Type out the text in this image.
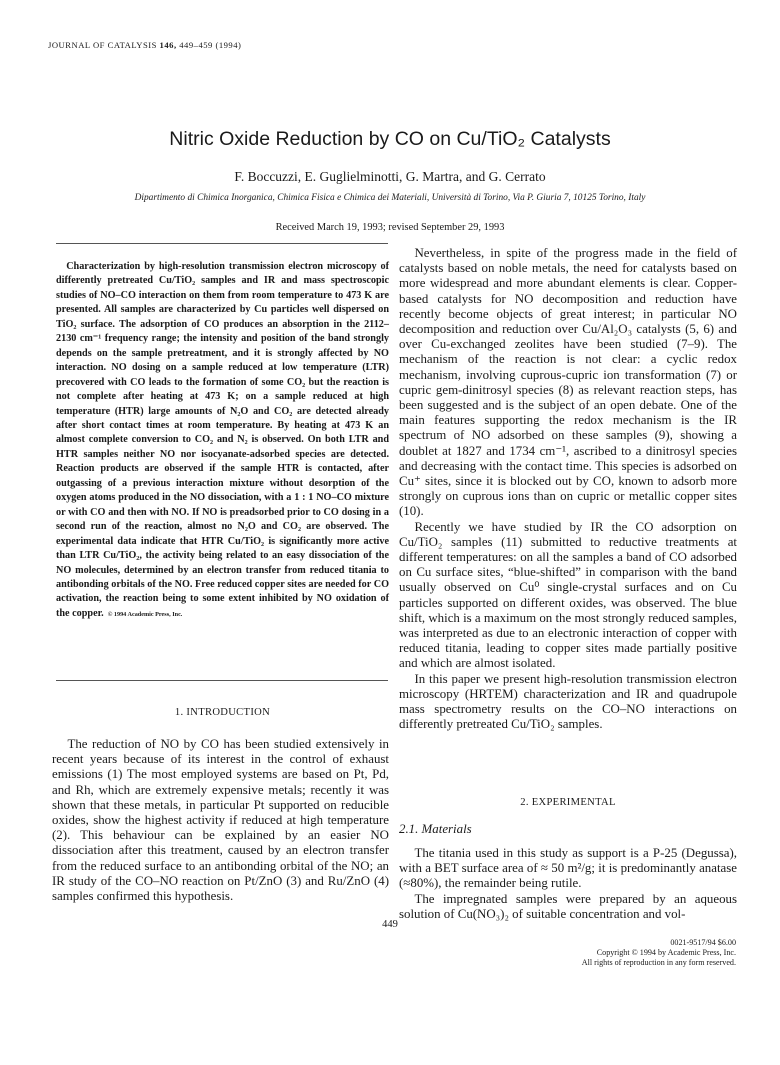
JOURNAL OF CATALYSIS 146, 449–459 (1994)
Nitric Oxide Reduction by CO on Cu/TiO₂ Catalysts
F. Boccuzzi, E. Guglielminotti, G. Martra, and G. Cerrato
Dipartimento di Chimica Inorganica, Chimica Fisica e Chimica dei Materiali, Università di Torino, Via P. Giuria 7, 10125 Torino, Italy
Received March 19, 1993; revised September 29, 1993
Characterization by high-resolution transmission electron microscopy of differently pretreated Cu/TiO₂ samples and IR and mass spectroscopic studies of NO–CO interaction on them from room temperature to 473 K are presented. All samples are characterized by Cu particles well dispersed on TiO₂ surface. The adsorption of CO produces an absorption in the 2112–2130 cm⁻¹ frequency range; the intensity and position of the band strongly depends on the sample pretreatment, and it is strongly affected by NO interaction. NO dosing on a sample reduced at low temperature (LTR) precovered with CO leads to the formation of some CO₂ but the reaction is not complete after heating at 473 K; on a sample reduced at high temperature (HTR) large amounts of N₂O and CO₂ are detected already after short contact times at room temperature. By heating at 473 K an almost complete conversion to CO₂ and N₂ is observed. On both LTR and HTR samples neither NO nor isocyanate-adsorbed species are detected. Reaction products are observed if the sample HTR is contacted, after outgassing of a previous interaction mixture without desorption of the oxygen atoms produced in the NO dissociation, with a 1 : 1 NO–CO mixture or with CO and then with NO. If NO is preadsorbed prior to CO dosing in a second run of the reaction, almost no N₂O and CO₂ are observed. The experimental data indicate that HTR Cu/TiO₂ is significantly more active than LTR Cu/TiO₂, the activity being related to an easy dissociation of the NO molecules, determined by an electron transfer from reduced titania to antibonding orbitals of the NO. Free reduced copper sites are needed for CO activation, the reaction being to some extent inhibited by NO oxidation of the copper. © 1994 Academic Press, Inc.
1. INTRODUCTION

The reduction of NO by CO has been studied extensively in recent years because of its interest in the control of exhaust emissions (1) The most employed systems are based on Pt, Pd, and Rh, which are extremely expensive metals; recently it was shown that these metals, in particular Pt supported on reducible oxides, show the highest activity if reduced at high temperature (2). This behaviour can be explained by an easier NO dissociation after this treatment, caused by an electron transfer from the reduced surface to an antibonding orbital of the NO; an IR study of the CO–NO reaction on Pt/ZnO (3) and Ru/ZnO (4) samples confirmed this hypothesis.

Nevertheless, in spite of the progress made in the field of catalysts based on noble metals, the need for catalysts based on more widespread and more abundant elements is clear. Copper-based catalysts for NO decomposition and reduction have recently become objects of great interest; in particular NO decomposition and reduction over Cu/Al₂O₃ catalysts (5, 6) and over Cu-exchanged zeolites have been studied (7–9). The mechanism of the reaction is not clear: a cyclic redox mechanism, involving cuprous-cupric ion transformation (7) or cupric gem-dinitrosyl species (8) as relevant reaction steps, has been suggested and is the subject of an open debate. One of the main features supporting the redox mechanism is the IR spectrum of NO adsorbed on these samples (9), showing a doublet at 1827 and 1734 cm⁻¹, ascribed to a dinitrosyl species and decreasing with the contact time. This species is adsorbed on Cu⁺ sites, since it is blocked out by CO, known to adsorb more strongly on cuprous ions than on cupric or metallic copper sites (10).

Recently we have studied by IR the CO adsorption on Cu/TiO₂ samples (11) submitted to reductive treatments at different temperatures: on all the samples a band of CO adsorbed on Cu surface sites, “blue-shifted” in comparison with the band usually observed on Cu⁰ single-crystal surfaces and on Cu particles supported on different oxides, was observed. The blue shift, which is a maximum on the most strongly reduced samples, was interpreted as due to an electronic interaction of copper with reduced titania, leading to copper sites made partially positive and which are almost isolated.

In this paper we present high-resolution transmission electron microscopy (HRTEM) characterization and IR and quadrupole mass spectrometry results on the CO–NO interactions on differently pretreated Cu/TiO₂ samples.

2. EXPERIMENTAL
2.1. Materials

The titania used in this study as support is a P-25 (Degussa), with a BET surface area of ≈ 50 m²/g; it is predominantly anatase (≈80%), the remainder being rutile.

The impregnated samples were prepared by an aqueous solution of Cu(NO₃)₂ of suitable concentration and vol-

449
0021-9517/94 $6.00
Copyright © 1994 by Academic Press, Inc.
All rights of reproduction in any form reserved.
